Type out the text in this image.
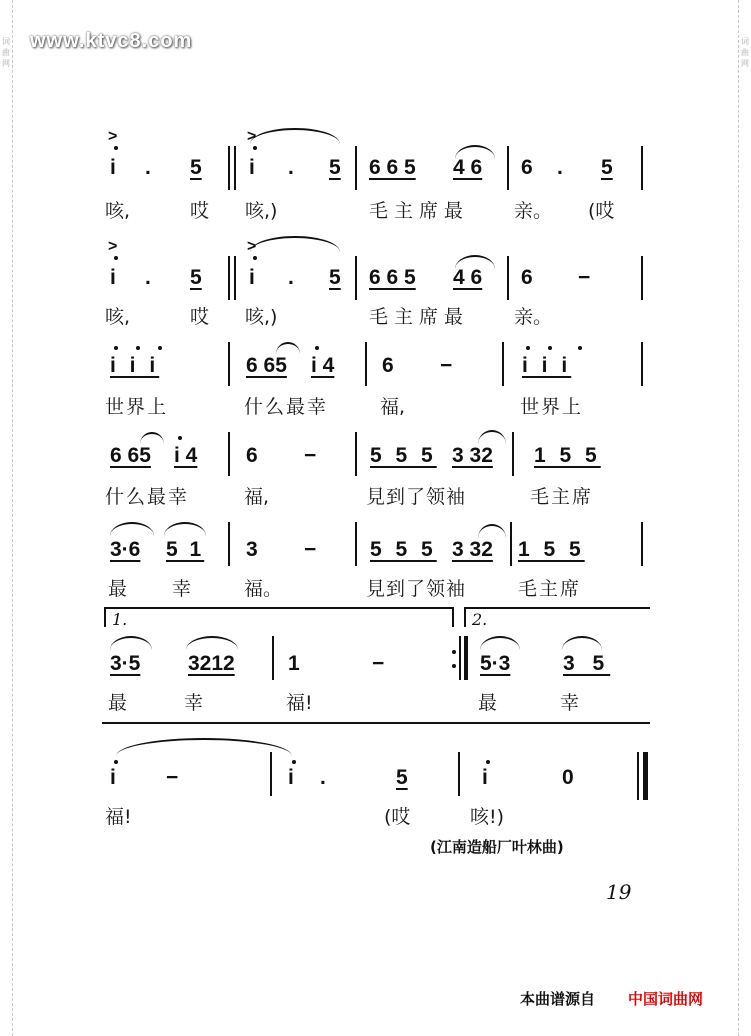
词曲网
词曲网
www.ktvc8.com
>
i . 5
>
i . 5 6 6 5 4 6 6 . 5
咳,	哎 咳,)	毛主席最 亲。 (哎
>
i . 5
>
i . 5 6 6 5 4 6 6 −
咳,	哎 咳,)	毛主席最 亲。
i i i	6 65 i 4 6 −	i i i
世界上	什么最幸	福,	世界上
6 65 i 4 6 −	5 5 5 3 32 1 5 5
什么最幸	福,	見到了领袖	毛主席
3·6 5 1 3 −	5 5 5 3 32 1 5 5
最 幸	福。	見到了领袖	毛主席
1.	2.
3·5 3212	1	−	5·3	3 5
最	幸	福!	最	幸
i −	i .	5	i	0
福!	(哎	咳!)
(江南造船厂叶林曲)
19
本曲谱源自 中国词曲网
